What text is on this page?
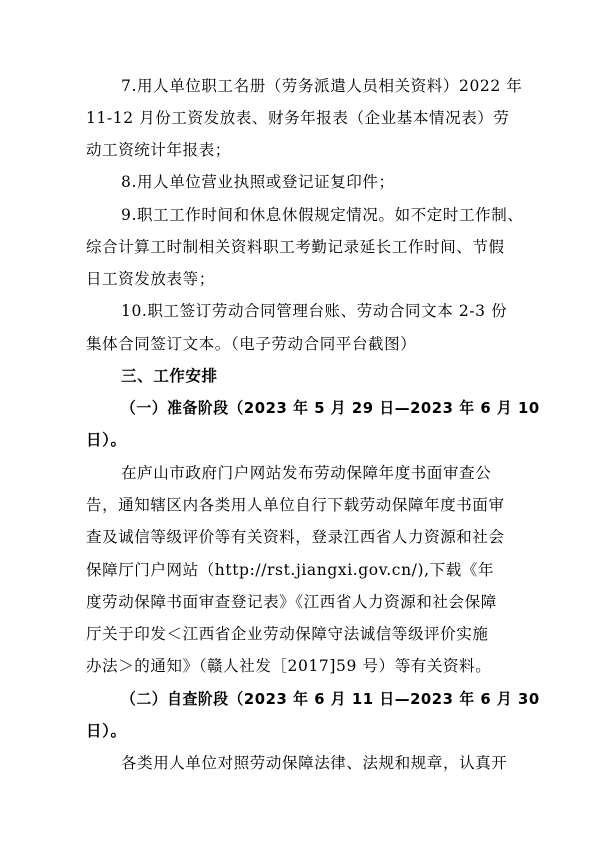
7.用人单位职工名册（劳务派遣人员相关资料）2022 年
11-12 月份工资发放表、财务年报表（企业基本情况表）劳
动工资统计年报表；
8.用人单位营业执照或登记证复印件；
9.职工工作时间和休息休假规定情况。如不定时工作制、
综合计算工时制相关资料职工考勤记录延长工作时间、节假
日工资发放表等；
10.职工签订劳动合同管理台账、劳动合同文本 2-3 份
集体合同签订文本。（电子劳动合同平台截图）
三、工作安排
（一）准备阶段（2023 年 5 月 29 日—2023 年 6 月 10
日）。
在庐山市政府门户网站发布劳动保障年度书面审查公
告，通知辖区内各类用人单位自行下载劳动保障年度书面审
查及诚信等级评价等有关资料，登录江西省人力资源和社会
保障厅门户网站（http://rst.jiangxi.gov.cn/),下载《年
度劳动保障书面审查登记表》《江西省人力资源和社会保障
厅关于印发＜江西省企业劳动保障守法诚信等级评价实施
办法＞的通知》（赣人社发［2017]59 号）等有关资料。
（二）自查阶段（2023 年 6 月 11 日—2023 年 6 月 30
日）。
各类用人单位对照劳动保障法律、法规和规章，认真开
